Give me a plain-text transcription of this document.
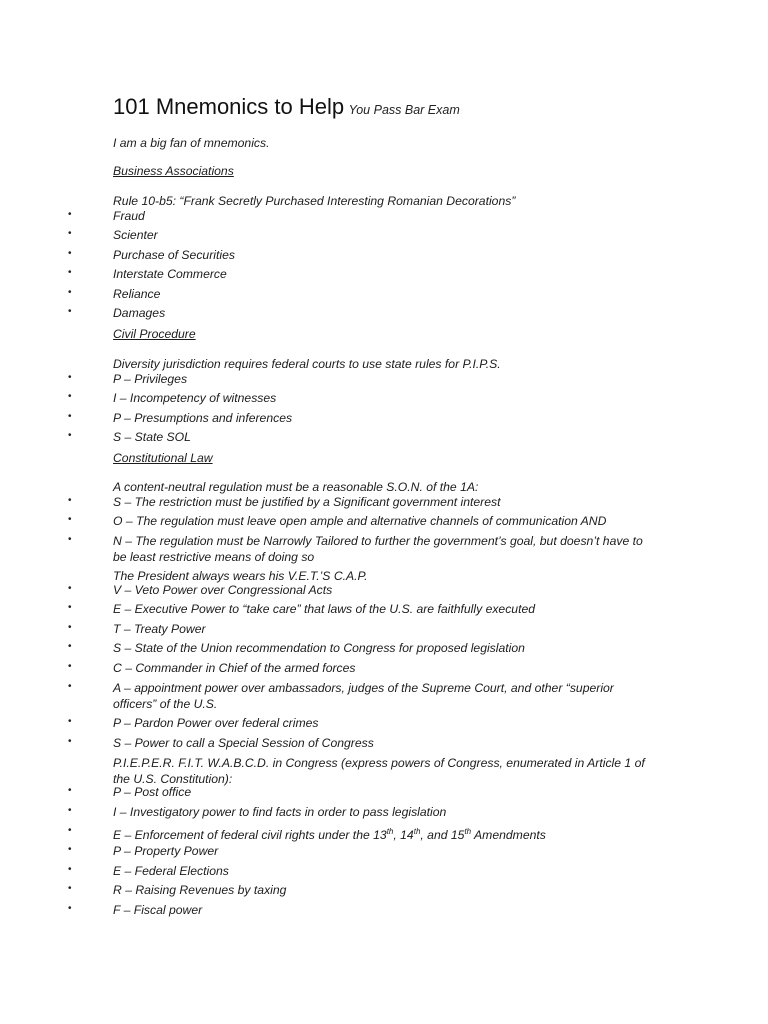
101 Mnemonics to Help You Pass Bar Exam
I am a big fan of mnemonics.
Business Associations
Rule 10-b5: “Frank Secretly Purchased Interesting Romanian Decorations”
•	Fraud
•	Scienter
•	Purchase of Securities
•	Interstate Commerce
•	Reliance
•	Damages
Civil Procedure
Diversity jurisdiction requires federal courts to use state rules for P.I.P.S.
•	P – Privileges
•	I – Incompetency of witnesses
•	P – Presumptions and inferences
•	S – State SOL
Constitutional Law
A content-neutral regulation must be a reasonable S.O.N. of the 1A:
•	S – The restriction must be justified by a Significant government interest
•	O – The regulation must leave open ample and alternative channels of communication AND
•	N – The regulation must be Narrowly Tailored to further the government’s goal, but doesn’t have to be least restrictive means of doing so
The President always wears his V.E.T.’S C.A.P.
•	V – Veto Power over Congressional Acts
•	E – Executive Power to “take care” that laws of the U.S. are faithfully executed
•	T – Treaty Power
•	S – State of the Union recommendation to Congress for proposed legislation
•	C – Commander in Chief of the armed forces
•	A – appointment power over ambassadors, judges of the Supreme Court, and other “superior officers” of the U.S.
•	P – Pardon Power over federal crimes
•	S – Power to call a Special Session of Congress
P.I.E.P.E.R. F.I.T. W.A.B.C.D. in Congress (express powers of Congress, enumerated in Article 1 of the U.S. Constitution):
•	P – Post office
•	I – Investigatory power to find facts in order to pass legislation
•	E – Enforcement of federal civil rights under the 13th, 14th, and 15th Amendments
•	P – Property Power
•	E – Federal Elections
•	R – Raising Revenues by taxing
•	F – Fiscal power
